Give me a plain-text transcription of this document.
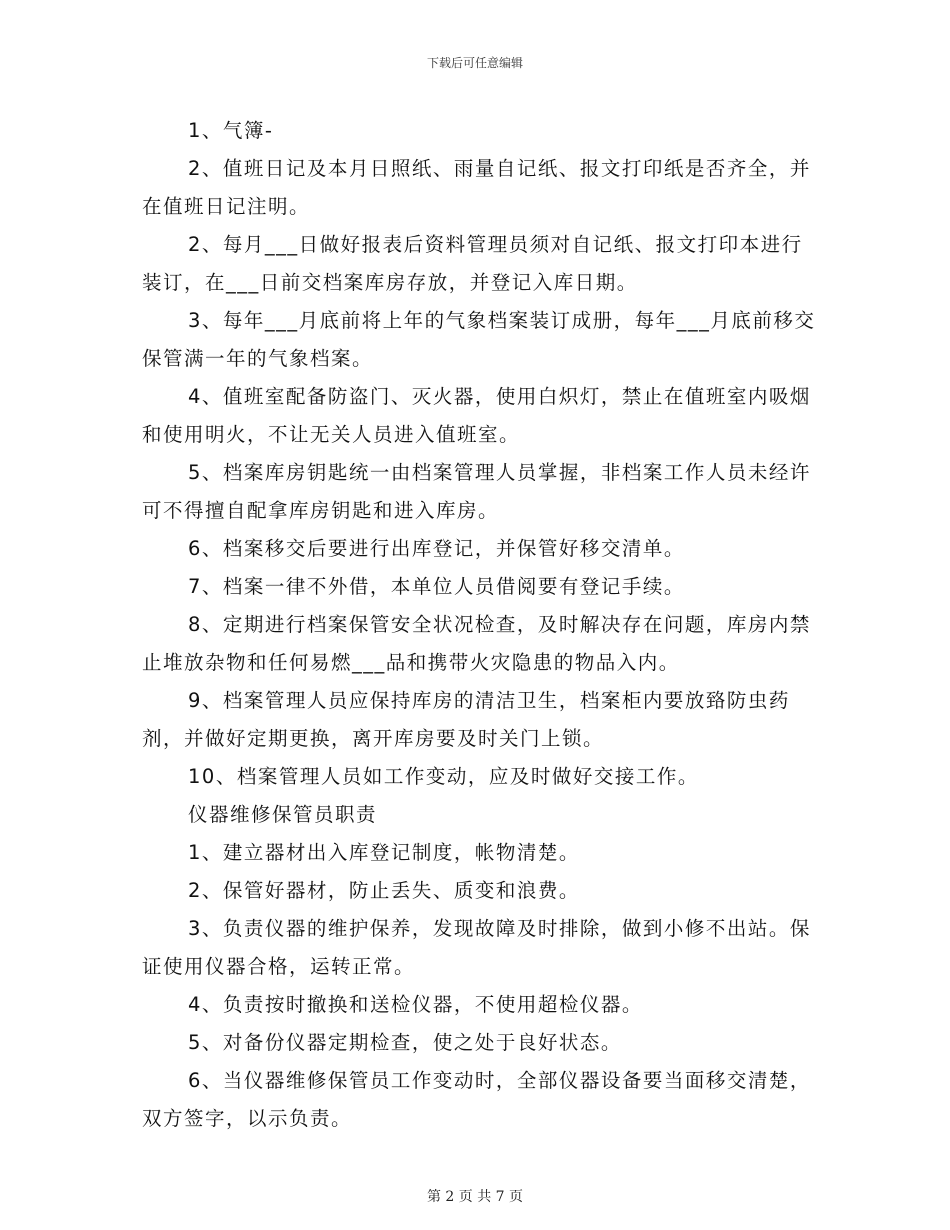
下载后可任意编辑

1、气簿-

2、值班日记及本月日照纸、雨量自记纸、报文打印纸是否齐全，并在值班日记注明。

2、每月___日做好报表后资料管理员须对自记纸、报文打印本进行装订，在___日前交档案库房存放，并登记入库日期。

3、每年___月底前将上年的气象档案装订成册，每年___月底前移交保管满一年的气象档案。

4、值班室配备防盗门、灭火器，使用白炽灯，禁止在值班室内吸烟和使用明火，不让无关人员进入值班室。

5、档案库房钥匙统一由档案管理人员掌握，非档案工作人员未经许可不得擅自配拿库房钥匙和进入库房。

6、档案移交后要进行出库登记，并保管好移交清单。

7、档案一律不外借，本单位人员借阅要有登记手续。

8、定期进行档案保管安全状况检查，及时解决存在问题，库房内禁止堆放杂物和任何易燃___品和携带火灾隐患的物品入内。

9、档案管理人员应保持库房的清洁卫生，档案柜内要放臵防虫药剂，并做好定期更换，离开库房要及时关门上锁。

10、档案管理人员如工作变动，应及时做好交接工作。

仪器维修保管员职责

1、建立器材出入库登记制度，帐物清楚。

2、保管好器材，防止丢失、质变和浪费。

3、负责仪器的维护保养，发现故障及时排除，做到小修不出站。保证使用仪器合格，运转正常。

4、负责按时撤换和送检仪器，不使用超检仪器。

5、对备份仪器定期检查，使之处于良好状态。

6、当仪器维修保管员工作变动时，全部仪器设备要当面移交清楚，双方签字，以示负责。

第 2 页 共 7 页
